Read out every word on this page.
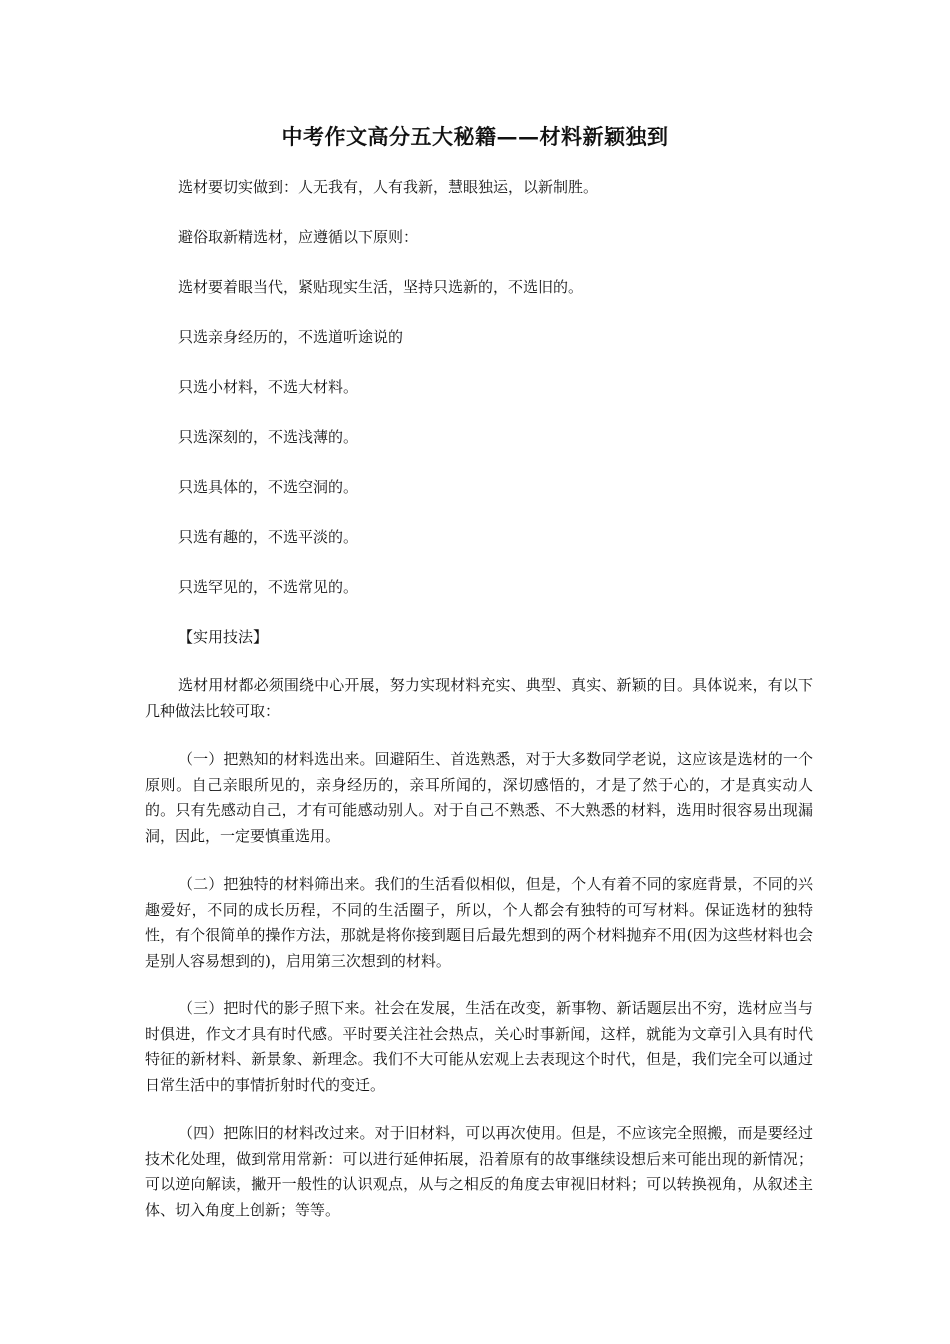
中考作文高分五大秘籍——材料新颖独到
选材要切实做到：人无我有，人有我新，慧眼独运，以新制胜。
避俗取新精选材，应遵循以下原则：
选材要着眼当代，紧贴现实生活，坚持只选新的，不选旧的。
只选亲身经历的，不选道听途说的
只选小材料，不选大材料。
只选深刻的，不选浅薄的。
只选具体的，不选空洞的。
只选有趣的，不选平淡的。
只选罕见的，不选常见的。
【实用技法】
选材用材都必须围绕中心开展，努力实现材料充实、典型、真实、新颖的目。具体说来，有以下几种做法比较可取：
（一）把熟知的材料选出来。回避陌生、首选熟悉，对于大多数同学老说，这应该是选材的一个原则。自己亲眼所见的，亲身经历的，亲耳所闻的，深切感悟的，才是了然于心的，才是真实动人的。只有先感动自己，才有可能感动别人。对于自己不熟悉、不大熟悉的材料，选用时很容易出现漏洞，因此，一定要慎重选用。
（二）把独特的材料筛出来。我们的生活看似相似，但是，个人有着不同的家庭背景，不同的兴趣爱好，不同的成长历程，不同的生活圈子，所以，个人都会有独特的可写材料。保证选材的独特性，有个很简单的操作方法，那就是将你接到题目后最先想到的两个材料抛弃不用(因为这些材料也会是别人容易想到的)，启用第三次想到的材料。
（三）把时代的影子照下来。社会在发展，生活在改变，新事物、新话题层出不穷，选材应当与时俱进，作文才具有时代感。平时要关注社会热点，关心时事新闻，这样，就能为文章引入具有时代特征的新材料、新景象、新理念。我们不大可能从宏观上去表现这个时代，但是，我们完全可以通过日常生活中的事情折射时代的变迁。
（四）把陈旧的材料改过来。对于旧材料，可以再次使用。但是，不应该完全照搬，而是要经过技术化处理，做到常用常新：可以进行延伸拓展，沿着原有的故事继续设想后来可能出现的新情况；可以逆向解读，撇开一般性的认识观点，从与之相反的角度去审视旧材料；可以转换视角，从叙述主体、切入角度上创新；等等。
